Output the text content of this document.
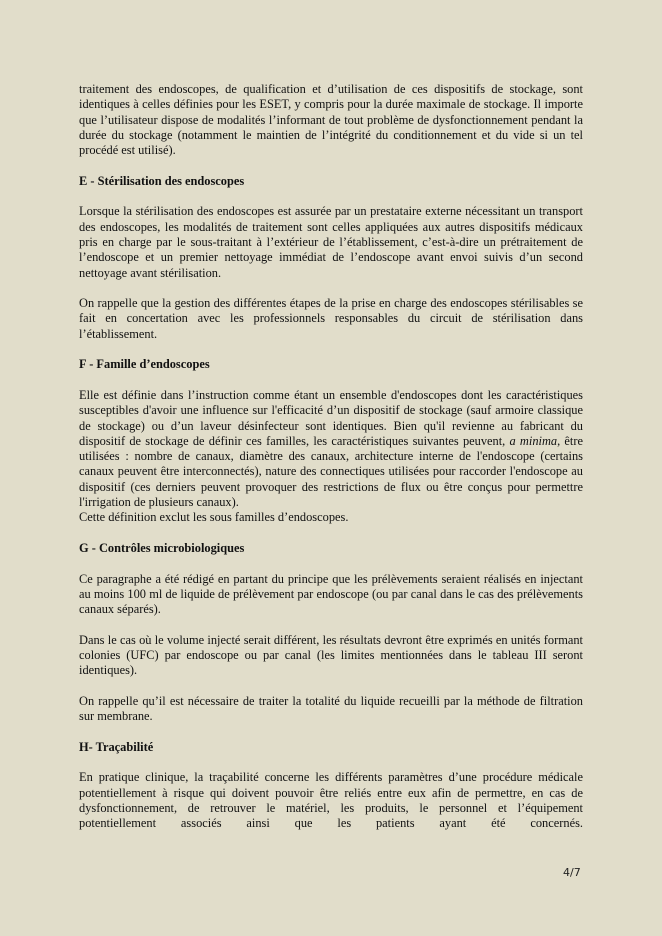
traitement des endoscopes, de qualification et d’utilisation de ces dispositifs de stockage, sont identiques à celles définies pour les ESET, y compris pour la durée maximale de stockage. Il importe que l’utilisateur dispose de modalités l’informant de tout problème de dysfonctionnement pendant la durée du stockage (notamment le maintien de l’intégrité du conditionnement et du vide si un tel procédé est utilisé).

E - Stérilisation des endoscopes

Lorsque la stérilisation des endoscopes est assurée par un prestataire externe nécessitant un transport des endoscopes, les modalités de traitement sont celles appliquées aux autres dispositifs médicaux pris en charge par le sous-traitant à l’extérieur de l’établissement, c’est-à-dire un prétraitement de l’endoscope et un premier nettoyage immédiat de l’endoscope avant envoi suivis d’un second nettoyage avant stérilisation.

On rappelle que la gestion des différentes étapes de la prise en charge des endoscopes stérilisables se fait en concertation avec les professionnels responsables du circuit de stérilisation dans l’établissement.

F - Famille d’endoscopes

Elle est définie dans l’instruction comme étant un ensemble d'endoscopes dont les caractéristiques susceptibles d'avoir une influence sur l'efficacité d’un dispositif de stockage (sauf armoire classique de stockage) ou d’un laveur désinfecteur sont identiques. Bien qu'il revienne au fabricant du dispositif de stockage de définir ces familles, les caractéristiques suivantes peuvent, a minima, être utilisées : nombre de canaux, diamètre des canaux, architecture interne de l'endoscope (certains canaux peuvent être interconnectés), nature des connectiques utilisées pour raccorder l'endoscope au dispositif (ces derniers peuvent provoquer des restrictions de flux ou être conçus pour permettre l'irrigation de plusieurs canaux).

Cette définition exclut les sous familles d’endoscopes.

G - Contrôles microbiologiques

Ce paragraphe a été rédigé en partant du principe que les prélèvements seraient réalisés en injectant au moins 100 ml de liquide de prélèvement par endoscope (ou par canal dans le cas des prélèvements canaux séparés).

Dans le cas où le volume injecté serait différent, les résultats devront être exprimés en unités formant colonies (UFC) par endoscope ou par canal (les limites mentionnées dans le tableau III seront identiques).

On rappelle qu’il est nécessaire de traiter la totalité du liquide recueilli par la méthode de filtration sur membrane.

H- Traçabilité

En pratique clinique, la traçabilité concerne les différents paramètres d’une procédure médicale potentiellement à risque qui doivent pouvoir être reliés entre eux afin de permettre, en cas de dysfonctionnement, de retrouver le matériel, les produits, le personnel et l’équipement potentiellement associés ainsi que les patients ayant été concernés.

4/7
